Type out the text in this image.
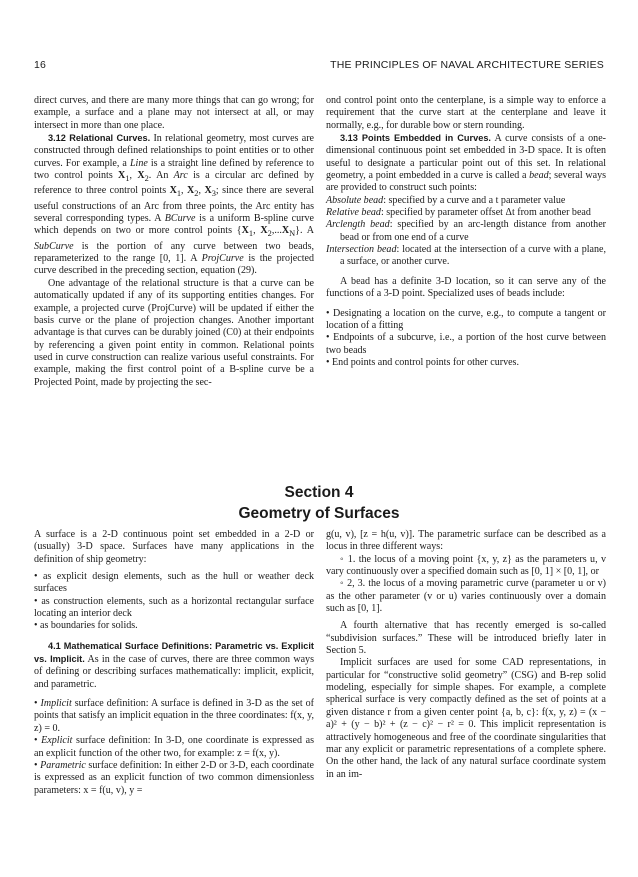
16	THE PRINCIPLES OF NAVAL ARCHITECTURE SERIES

direct curves, and there are many more things that can go wrong; for example, a surface and a plane may not intersect at all, or may intersect in more than one place.

3.12 Relational Curves. In relational geometry, most curves are constructed through defined relationships to point entities or to other curves. For example, a Line is a straight line defined by reference to two control points $X_1$, $X_2$. An Arc is a circular arc defined by reference to three control points $X_1$, $X_2$, $X_3$; since there are several useful constructions of an Arc from three points, the Arc entity has several corresponding types. A BCurve is a uniform B-spline curve which depends on two or more control points {$X_1$, $X_2,...X_N$}. A SubCurve is the portion of any curve between two beads, reparameterized to the range [0, 1]. A ProjCurve is the projected curve described in the preceding section, equation (29).

One advantage of the relational structure is that a curve can be automatically updated if any of its supporting entities changes. For example, a projected curve (ProjCurve) will be updated if either the basis curve or the plane of projection changes. Another important advantage is that curves can be durably joined (C0) at their endpoints by referencing a given point entity in common. Relational points used in curve construction can realize various useful constraints. For example, making the first control point of a B-spline curve be a Projected Point, made by projecting the sec-

ond control point onto the centerplane, is a simple way to enforce a requirement that the curve start at the centerplane and leave it normally, e.g., for durable bow or stern rounding.

3.13 Points Embedded in Curves. A curve consists of a one-dimensional continuous point set embedded in 3-D space. It is often useful to designate a particular point out of this set. In relational geometry, a point embedded in a curve is called a bead; several ways are provided to construct such points:

Absolute bead: specified by a curve and a t parameter value

Relative bead: specified by parameter offset Δt from another bead

Arclength bead: specified by an arc-length distance from another bead or from one end of a curve

Intersection bead: located at the intersection of a curve with a plane, a surface, or another curve.

A bead has a definite 3-D location, so it can serve any of the functions of a 3-D point. Specialized uses of beads include:

• Designating a location on the curve, e.g., to compute a tangent or location of a fitting

• Endpoints of a subcurve, i.e., a portion of the host curve between two beads

• End points and control points for other curves.

Section 4
Geometry of Surfaces

A surface is a 2-D continuous point set embedded in a 2-D or (usually) 3-D space. Surfaces have many applications in the definition of ship geometry:

• as explicit design elements, such as the hull or weather deck surfaces

• as construction elements, such as a horizontal rectangular surface locating an interior deck

• as boundaries for solids.

4.1 Mathematical Surface Definitions: Parametric vs. Explicit vs. Implicit. As in the case of curves, there are three common ways of defining or describing surfaces mathematically: implicit, explicit, and parametric.

• Implicit surface definition: A surface is defined in 3-D as the set of points that satisfy an implicit equation in the three coordinates: f(x, y, z) = 0.

• Explicit surface definition: In 3-D, one coordinate is expressed as an explicit function of the other two, for example: z = f(x, y).

• Parametric surface definition: In either 2-D or 3-D, each coordinate is expressed as an explicit function of two common dimensionless parameters: x = f(u, v), y =

g(u, v), [z = h(u, v)]. The parametric surface can be described as a locus in three different ways:

◦ 1. the locus of a moving point {x, y, z} as the parameters u, v vary continuously over a specified domain such as [0, 1] × [0, 1], or

◦ 2, 3. the locus of a moving parametric curve (parameter u or v) as the other parameter (v or u) varies continuously over a domain such as [0, 1].

A fourth alternative that has recently emerged is so-called “subdivision surfaces.” These will be introduced briefly later in Section 5.

Implicit surfaces are used for some CAD representations, in particular for “constructive solid geometry” (CSG) and B-rep solid modeling, especially for simple shapes. For example, a complete spherical surface is very compactly defined as the set of points at a given distance r from a given center point {a, b, c}: f(x, y, z) = (x − a)² + (y − b)² + (z − c)² − r² = 0. This implicit representation is attractively homogeneous and free of the coordinate singularities that mar any explicit or parametric representations of a complete sphere. On the other hand, the lack of any natural surface coordinate system in an im-
